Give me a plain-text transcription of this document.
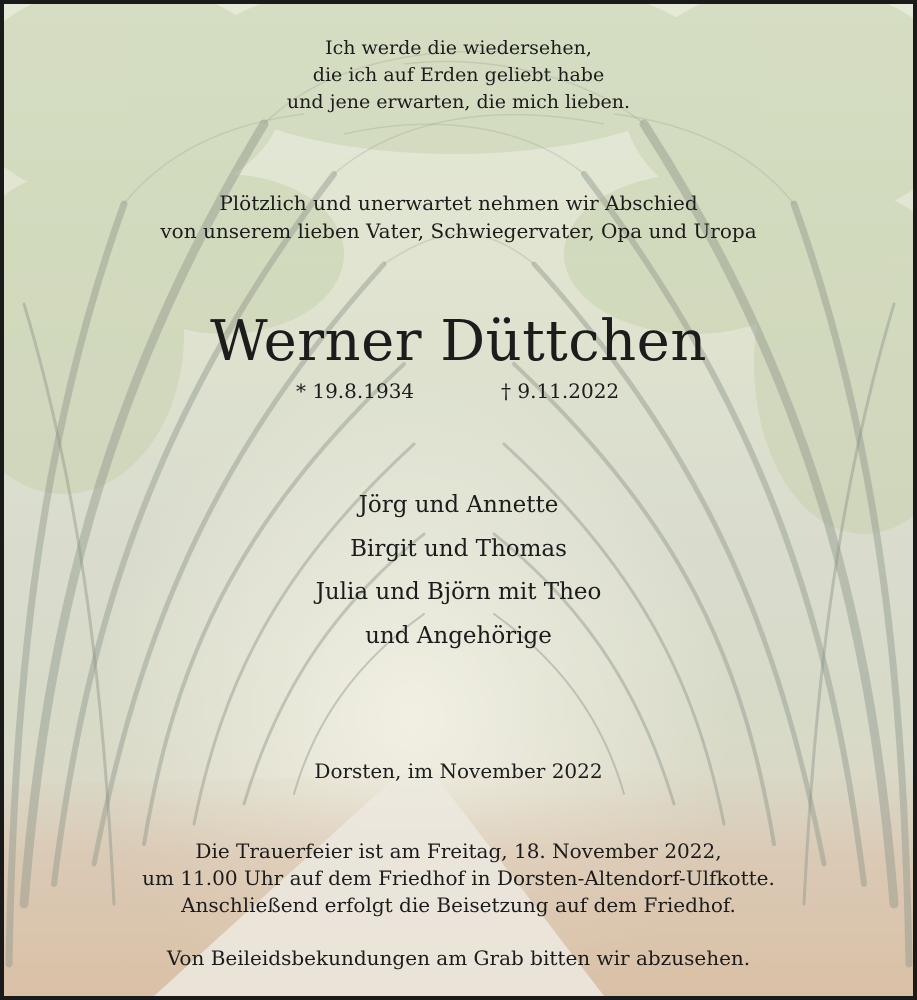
Ich werde die wiedersehen,
die ich auf Erden geliebt habe
und jene erwarten, die mich lieben.
Plötzlich und unerwartet nehmen wir Abschied
von unserem lieben Vater, Schwiegervater, Opa und Uropa
Werner Düttchen
* 19.8.1934	† 9.11.2022
Jörg und Annette
Birgit und Thomas
Julia und Björn mit Theo
und Angehörige
Dorsten, im November 2022
Die Trauerfeier ist am Freitag, 18. November 2022,
um 11.00 Uhr auf dem Friedhof in Dorsten-Altendorf-Ulfkotte.
Anschließend erfolgt die Beisetzung auf dem Friedhof.
Von Beileidsbekundungen am Grab bitten wir abzusehen.
